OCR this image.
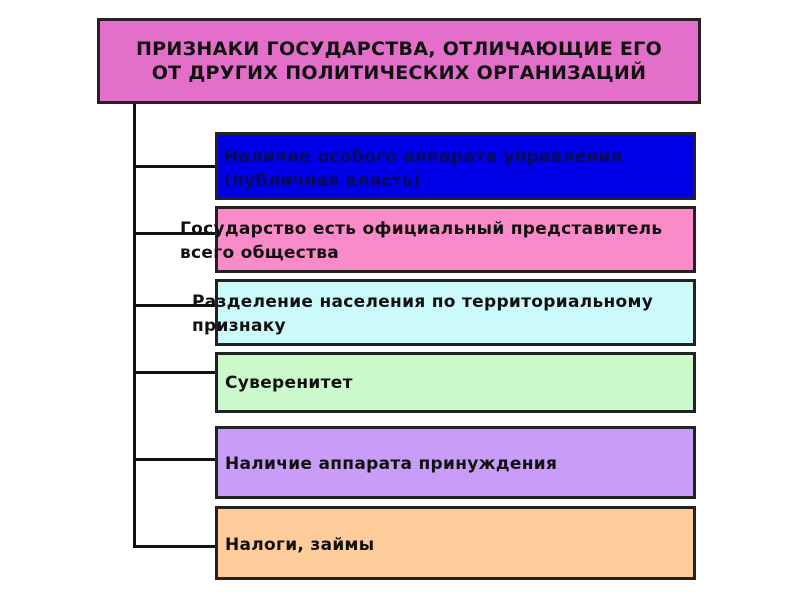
ПРИЗНАКИ ГОСУДАРСТВА, ОТЛИЧАЮЩИЕ ЕГО
ОТ ДРУГИХ ПОЛИТИЧЕСКИХ ОРГАНИЗАЦИЙ
Наличие особого аппарата управления
(публичная власть)
Государство есть официальный представитель
всего общества
Разделение населения по территориальному
признаку
Суверенитет
Наличие аппарата принуждения
Налоги, займы
